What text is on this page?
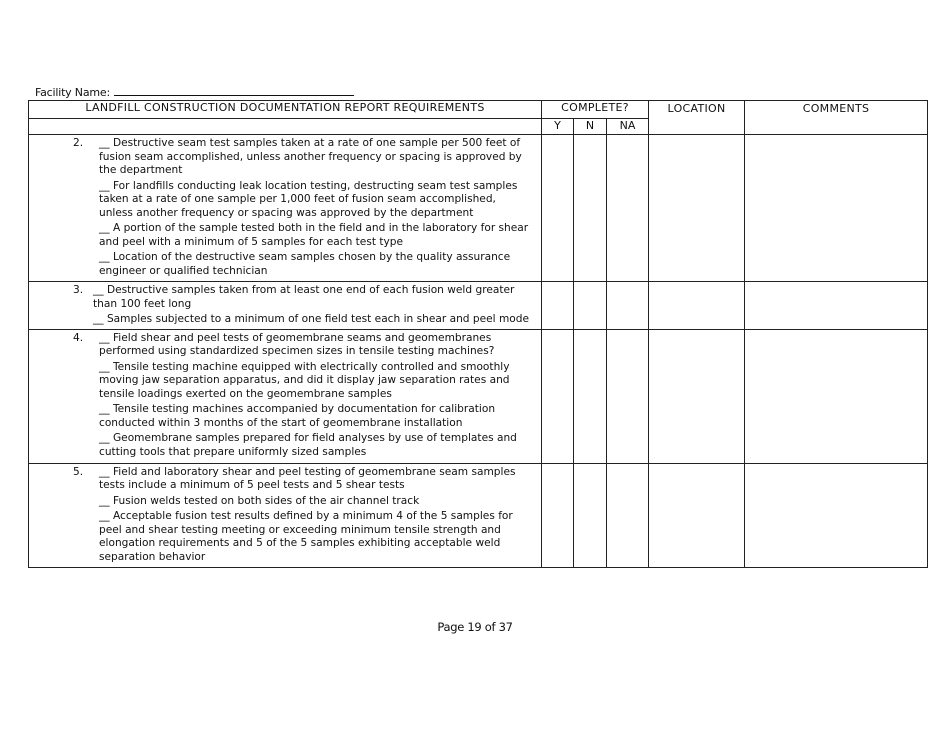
Facility Name:
LANDFILL CONSTRUCTION DOCUMENTATION REPORT REQUIREMENTS	COMPLETE?			LOCATION	COMMENTS
	Y	N	NA		

2. __ Destructive seam test samples taken at a rate of one sample per 500 feet of fusion seam accomplished, unless another frequency or spacing is approved by the department
__ For landfills conducting leak location testing, destructing seam test samples taken at a rate of one sample per 1,000 feet of fusion seam accomplished, unless another frequency or spacing was approved by the department
__ A portion of the sample tested both in the field and in the laboratory for shear and peel with a minimum of 5 samples for each test type
__ Location of the destructive seam samples chosen by the quality assurance engineer or qualified technician					

3. __ Destructive samples taken from at least one end of each fusion weld greater than 100 feet long
__ Samples subjected to a minimum of one field test each in shear and peel mode					

4. __ Field shear and peel tests of geomembrane seams and geomembranes performed using standardized specimen sizes in tensile testing machines?
__ Tensile testing machine equipped with electrically controlled and smoothly moving jaw separation apparatus, and did it display jaw separation rates and tensile loadings exerted on the geomembrane samples
__ Tensile testing machines accompanied by documentation for calibration conducted within 3 months of the start of geomembrane installation
__ Geomembrane samples prepared for field analyses by use of templates and cutting tools that prepare uniformly sized samples					

5. __ Field and laboratory shear and peel testing of geomembrane seam samples tests include a minimum of 5 peel tests and 5 shear tests
__ Fusion welds tested on both sides of the air channel track
__ Acceptable fusion test results defined by a minimum 4 of the 5 samples for peel and shear testing meeting or exceeding minimum tensile strength and elongation requirements and 5 of the 5 samples exhibiting acceptable weld separation behavior					

Page 19 of 37
